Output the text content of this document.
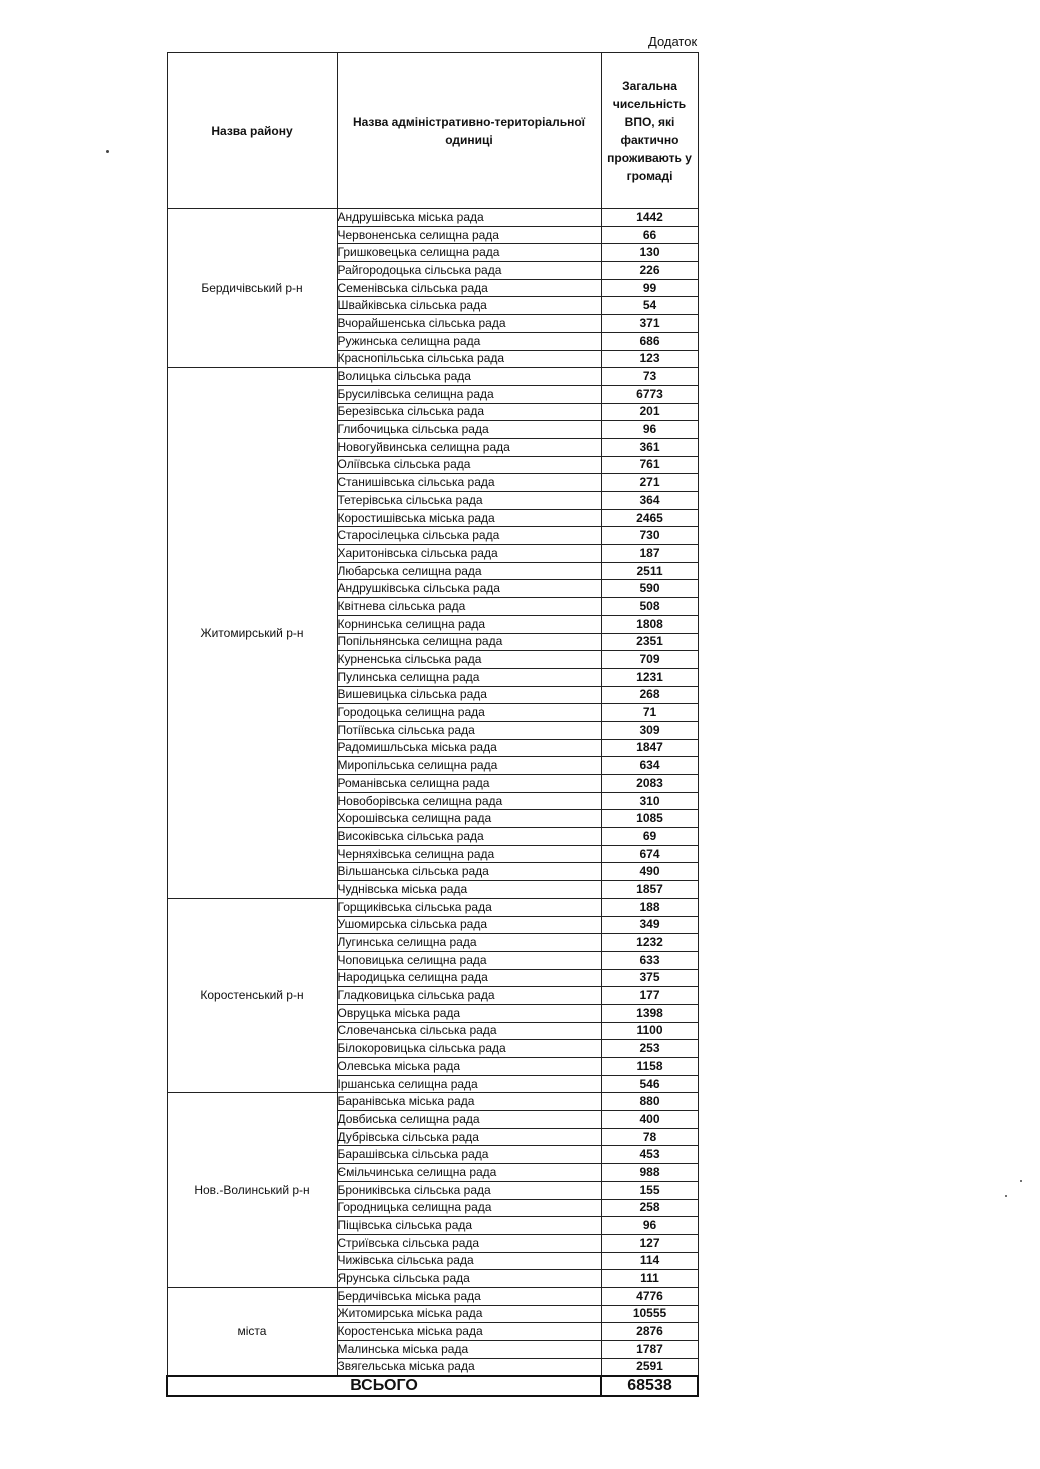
Додаток
Назва району	Назва адміністративно-територіальної одиниці	Загальна чисельність ВПО, які фактично проживають у громаді
Бердичівський р-н	Андрушівська міська рада	1442
	Червоненська селищна рада	66
	Гришковецька селищна рада	130
	Райгородоцька сільська рада	226
	Семенівська сільська рада	99
	Швайківська сільська рада	54
	Вчорайшенська сільська рада	371
	Ружинська селищна рада	686
	Краснопільська сільська рада	123
Житомирський р-н	Волицька сільська рада	73
	Брусилівська селищна рада	6773
	Березівська сільська рада	201
	Глибочицька сільська рада	96
	Новогуйвинська селищна рада	361
	Оліївська сільська рада	761
	Станишівська сільська рада	271
	Тетерівська сільська рада	364
	Коростишівська міська рада	2465
	Старосілецька сільська рада	730
	Харитонівська сільська рада	187
	Любарська селищна рада	2511
	Андрушківська сільська рада	590
	Квітнева сільська рада	508
	Корнинська селищна рада	1808
	Попільнянська селищна рада	2351
	Курненська сільська рада	709
	Пулинська селищна рада	1231
	Вишевицька сільська рада	268
	Городоцька селищна рада	71
	Потіївська сільська рада	309
	Радомишльська міська рада	1847
	Миропільська селищна рада	634
	Романівська селищна рада	2083
	Новоборівська селищна рада	310
	Хорошівська селищна рада	1085
	Високівська сільська рада	69
	Черняхівська селищна рада	674
	Вільшанська сільська рада	490
	Чуднівська міська рада	1857
Коростенський р-н	Горщиківська сільська рада	188
	Ушомирська сільська рада	349
	Лугинська селищна рада	1232
	Чоповицька селищна рада	633
	Народицька селищна рада	375
	Гладковицька сільська рада	177
	Овруцька міська рада	1398
	Словечанська сільська рада	1100
	Білокоровицька сільська рада	253
	Олевська міська рада	1158
	Іршанська селищна рада	546
Нов.-Волинський р-н	Баранівська міська рада	880
	Довбиська селищна рада	400
	Дубрівська сільська рада	78
	Барашівська сільська рада	453
	Ємільчинська селищна рада	988
	Брониківська сільська рада	155
	Городницька селищна рада	258
	Піщівська сільська рада	96
	Стриївська сільська рада	127
	Чижівська сільська рада	114
	Ярунська сільська рада	111
міста	Бердичівська міська рада	4776
	Житомирська міська рада	10555
	Коростенська міська рада	2876
	Малинська міська рада	1787
	Звягельська міська рада	2591
ВСЬОГО		68538
